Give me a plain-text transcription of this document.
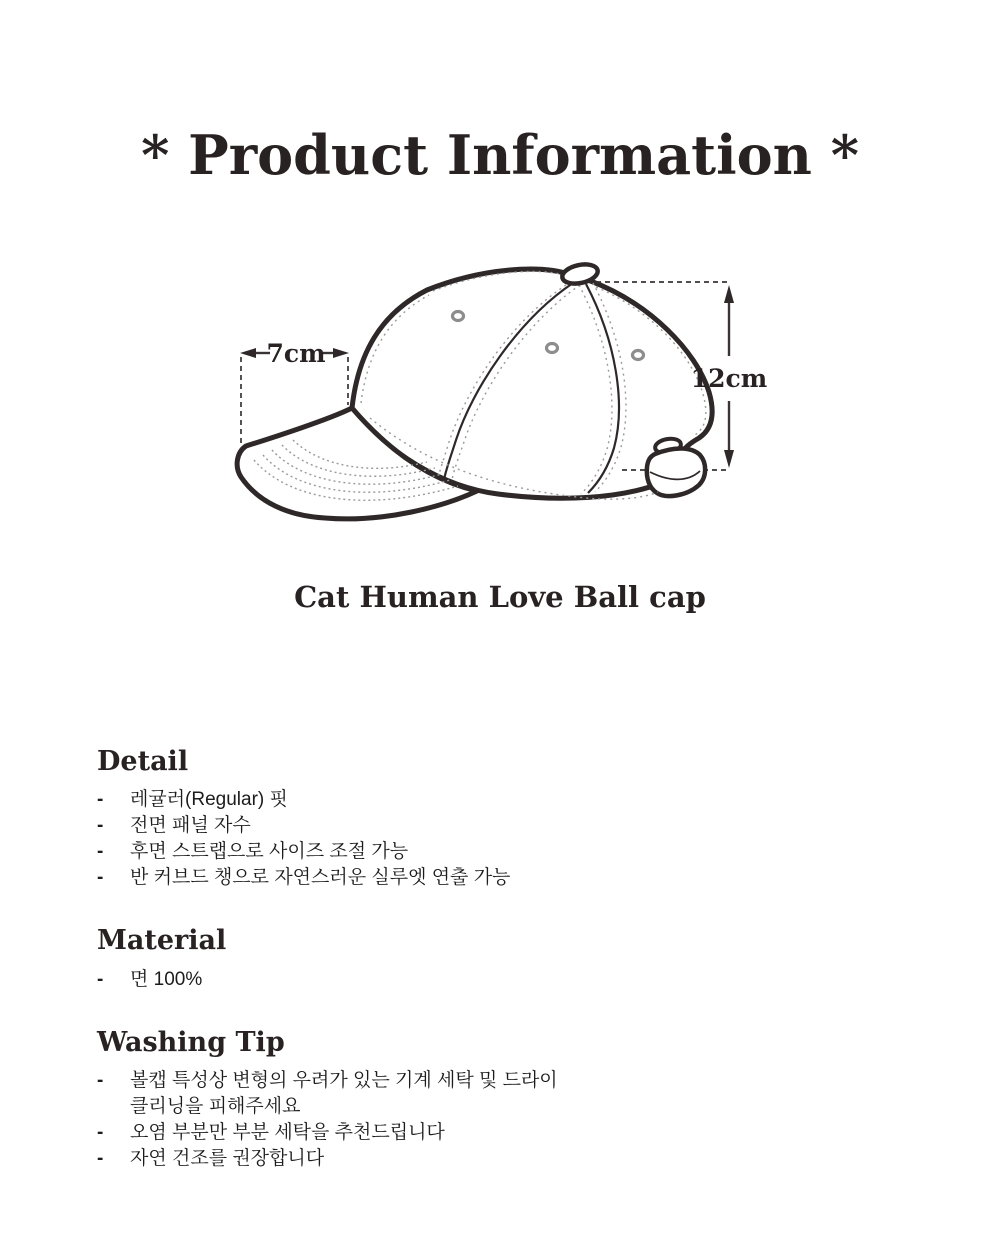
* Product Information *
7cm
12cm
Cat Human Love Ball cap
Detail
-	레귤러(Regular) 핏
-	전면 패널 자수
-	후면 스트랩으로 사이즈 조절 가능
-	반 커브드 챙으로 자연스러운 실루엣 연출 가능
Material
-	면 100%
Washing Tip
-	볼캡 특성상 변형의 우려가 있는 기계 세탁 및 드라이
클리닝을 피해주세요
-	오염 부분만 부분 세탁을 추천드립니다
-	자연 건조를 권장합니다
